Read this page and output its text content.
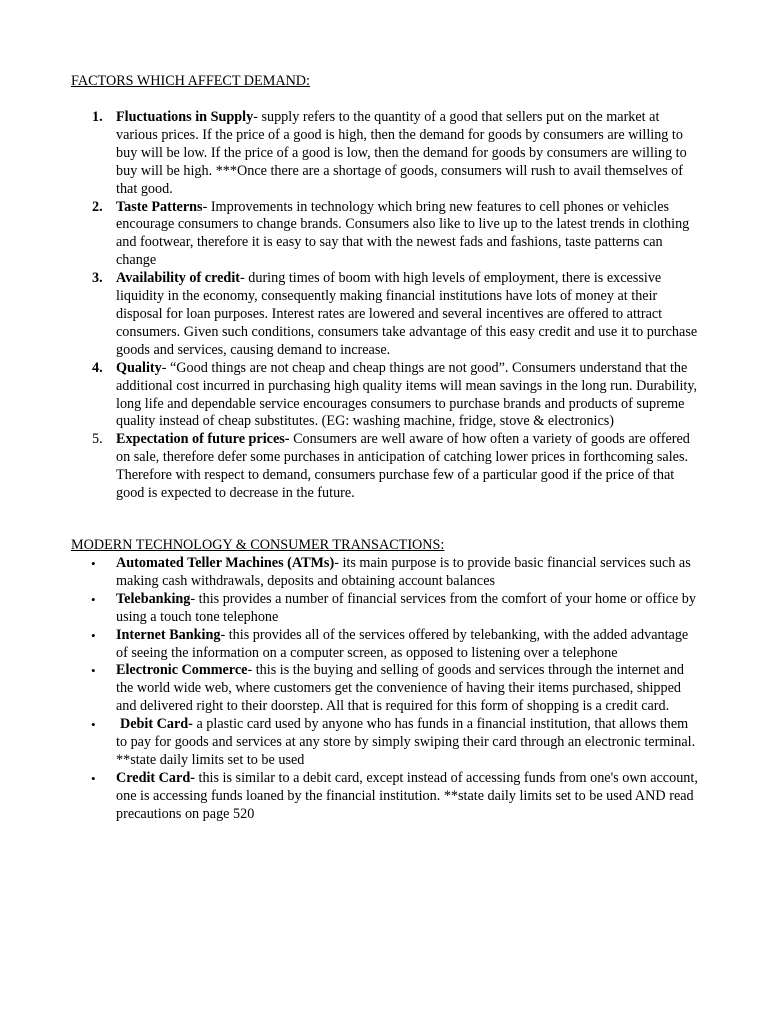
FACTORS WHICH AFFECT DEMAND:
1. Fluctuations in Supply- supply refers to the quantity of a good that sellers put on the market at various prices. If the price of a good is high, then the demand for goods by consumers are willing to buy will be low. If the price of a good is low, then the demand for goods by consumers are willing to buy will be high. ***Once there are a shortage of goods, consumers will rush to avail themselves of that good.
2. Taste Patterns- Improvements in technology which bring new features to cell phones or vehicles encourage consumers to change brands. Consumers also like to live up to the latest trends in clothing and footwear, therefore it is easy to say that with the newest fads and fashions, taste patterns can change
3. Availability of credit- during times of boom with high levels of employment, there is excessive liquidity in the economy, consequently making financial institutions have lots of money at their disposal for loan purposes. Interest rates are lowered and several incentives are offered to attract consumers. Given such conditions, consumers take advantage of this easy credit and use it to purchase goods and services, causing demand to increase.
4. Quality- “Good things are not cheap and cheap things are not good”. Consumers understand that the additional cost incurred in purchasing high quality items will mean savings in the long run. Durability, long life and dependable service encourages consumers to purchase brands and products of supreme quality instead of cheap substitutes. (EG: washing machine, fridge, stove & electronics)
5. Expectation of future prices- Consumers are well aware of how often a variety of goods are offered on sale, therefore defer some purchases in anticipation of catching lower prices in forthcoming sales. Therefore with respect to demand, consumers purchase few of a particular good if the price of that good is expected to decrease in the future.
MODERN TECHNOLOGY & CONSUMER TRANSACTIONS:
• Automated Teller Machines (ATMs)- its main purpose is to provide basic financial services such as making cash withdrawals, deposits and obtaining account balances
• Telebanking- this provides a number of financial services from the comfort of your home or office by using a touch tone telephone
• Internet Banking- this provides all of the services offered by telebanking, with the added advantage of seeing the information on a computer screen, as opposed to listening over a telephone
• Electronic Commerce- this is the buying and selling of goods and services through the internet and the world wide web, where customers get the convenience of having their items purchased, shipped and delivered right to their doorstep. All that is required for this form of shopping is a credit card.
• Debit Card- a plastic card used by anyone who has funds in a financial institution, that allows them to pay for goods and services at any store by simply swiping their card through an electronic terminal. **state daily limits set to be used
• Credit Card- this is similar to a debit card, except instead of accessing funds from one's own account, one is accessing funds loaned by the financial institution. **state daily limits set to be used AND read precautions on page 520
